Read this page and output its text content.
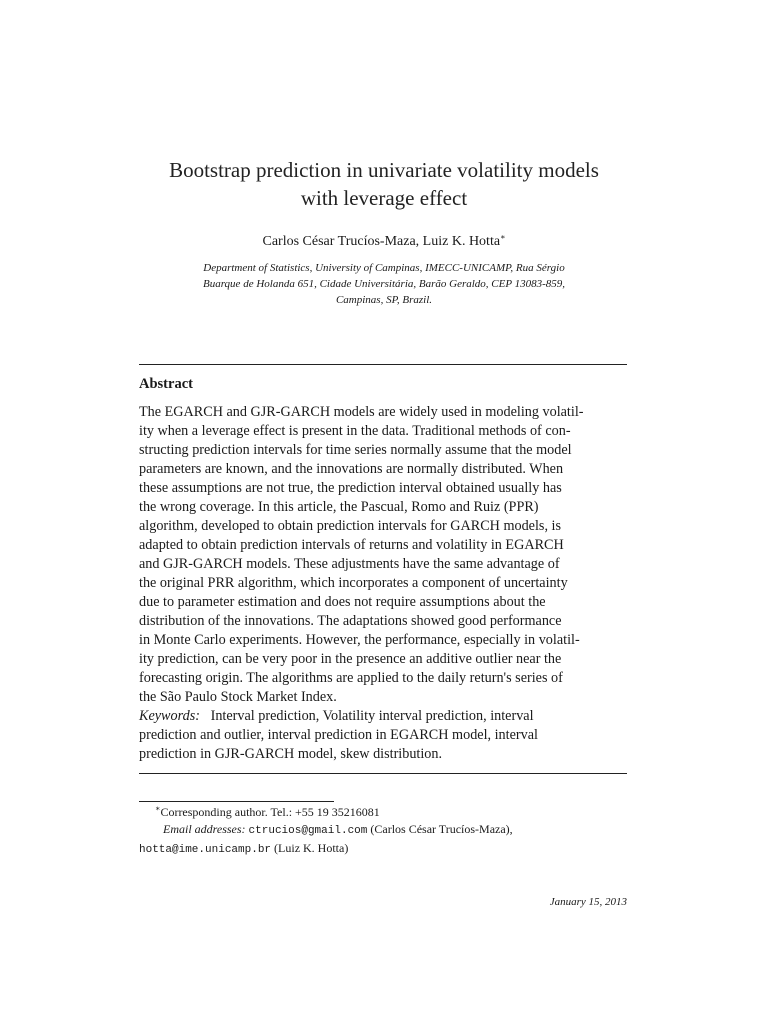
Bootstrap prediction in univariate volatility models
with leverage effect
Carlos César Trucíos-Maza, Luiz K. Hotta∗
Department of Statistics, University of Campinas, IMECC-UNICAMP, Rua Sérgio
Buarque de Holanda 651, Cidade Universitária, Barão Geraldo, CEP 13083-859,
Campinas, SP, Brazil.
Abstract
The EGARCH and GJR-GARCH models are widely used in modeling volatil-
ity when a leverage effect is present in the data. Traditional methods of con-
structing prediction intervals for time series normally assume that the model
parameters are known, and the innovations are normally distributed. When
these assumptions are not true, the prediction interval obtained usually has
the wrong coverage. In this article, the Pascual, Romo and Ruiz (PPR)
algorithm, developed to obtain prediction intervals for GARCH models, is
adapted to obtain prediction intervals of returns and volatility in EGARCH
and GJR-GARCH models. These adjustments have the same advantage of
the original PRR algorithm, which incorporates a component of uncertainty
due to parameter estimation and does not require assumptions about the
distribution of the innovations. The adaptations showed good performance
in Monte Carlo experiments. However, the performance, especially in volatil-
ity prediction, can be very poor in the presence an additive outlier near the
forecasting origin. The algorithms are applied to the daily return's series of
the São Paulo Stock Market Index.
Keywords: Interval prediction, Volatility interval prediction, interval
prediction and outlier, interval prediction in EGARCH model, interval
prediction in GJR-GARCH model, skew distribution.
∗Corresponding author. Tel.: +55 19 35216081
Email addresses: ctrucios@gmail.com (Carlos César Trucíos-Maza),
hotta@ime.unicamp.br (Luiz K. Hotta)
January 15, 2013
